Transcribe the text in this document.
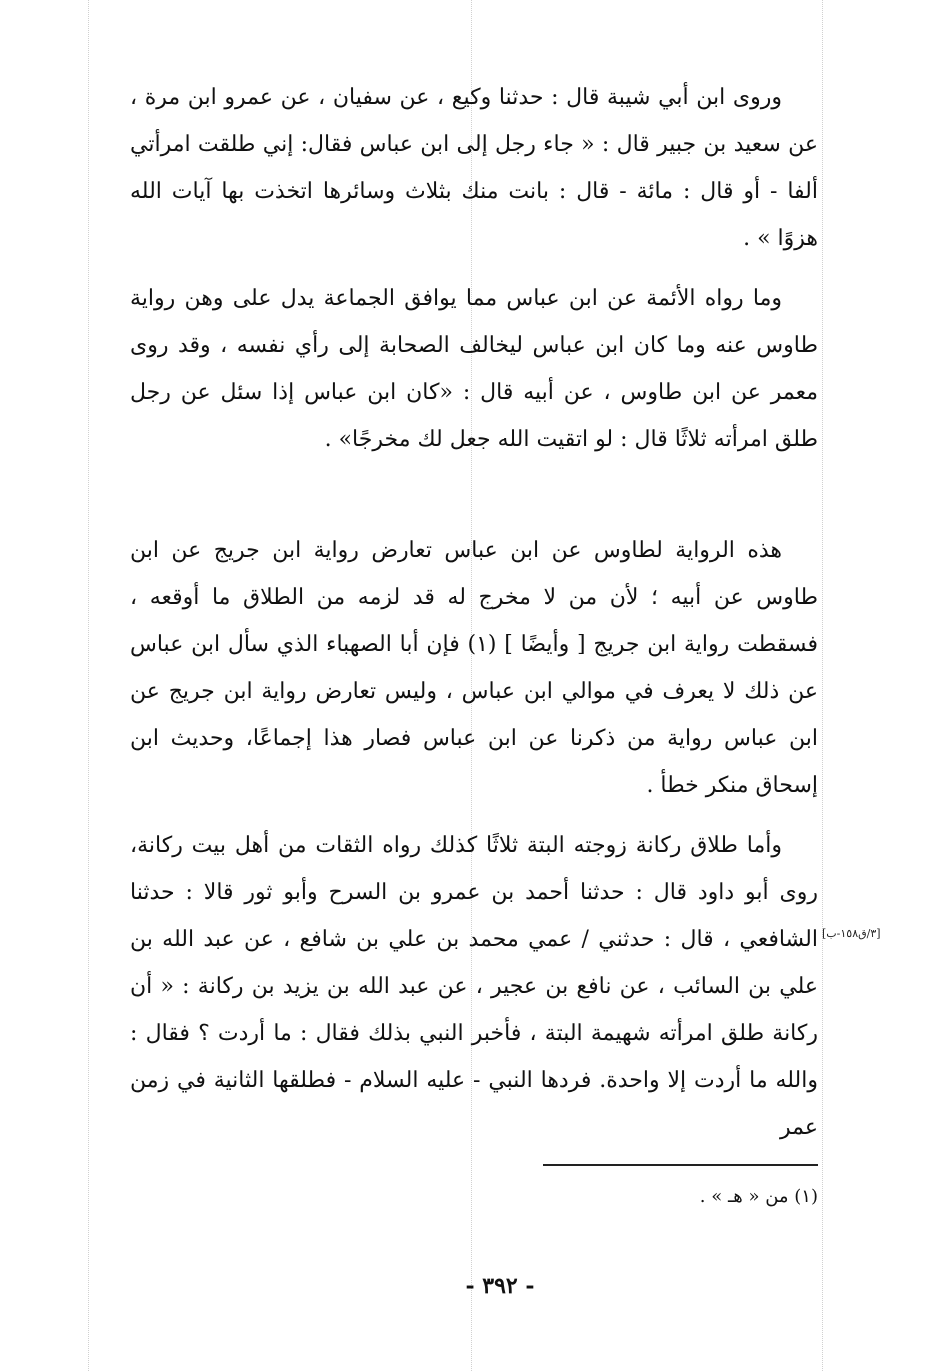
وروى ابن أبي شيبة قال : حدثنا وكيع ، عن سفيان ، عن عمرو ابن مرة ، عن سعيد بن جبير قال : « جاء رجل إلى ابن عباس فقال: إني طلقت امرأتي ألفا - أو قال : مائة - قال : بانت منك بثلاث وسائرها اتخذت بها آيات الله هزوًا » .

وما رواه الأئمة عن ابن عباس مما يوافق الجماعة يدل على وهن رواية طاوس عنه وما كان ابن عباس ليخالف الصحابة إلى رأي نفسه ، وقد روى معمر عن ابن طاوس ، عن أبيه قال : «كان ابن عباس إذا سئل عن رجل طلق امرأته ثلاثًا قال : لو اتقيت الله جعل لك مخرجًا» .

هذه الرواية لطاوس عن ابن عباس تعارض رواية ابن جريج عن ابن طاوس عن أبيه ؛ لأن من لا مخرج له قد لزمه من الطلاق ما أوقعه ، فسقطت رواية ابن جريج [ وأيضًا ] (١) فإن أبا الصهباء الذي سأل ابن عباس عن ذلك لا يعرف في موالي ابن عباس ، وليس تعارض رواية ابن جريج عن ابن عباس رواية من ذكرنا عن ابن عباس فصار هذا إجماعًا، وحديث ابن إسحاق منكر خطأ .

وأما طلاق ركانة زوجته البتة ثلاثًا كذلك رواه الثقات من أهل بيت ركانة، روى أبو داود قال : حدثنا أحمد بن عمرو بن السرح وأبو ثور قالا : حدثنا الشافعي ، قال : حدثني / عمي محمد بن علي بن شافع ، عن عبد الله بن علي بن السائب ، عن نافع بن عجير ، عن عبد الله بن يزيد بن ركانة : « أن ركانة طلق امرأته شهيمة البتة ، فأخبر النبي بذلك فقال : ما أردت ؟ فقال : والله ما أردت إلا واحدة. فردها النبي - عليه السلام - فطلقها الثانية في زمن عمر

[٣/ق١٥٨-ب]
(١) من « هـ » .
- ٣٩٢ -
